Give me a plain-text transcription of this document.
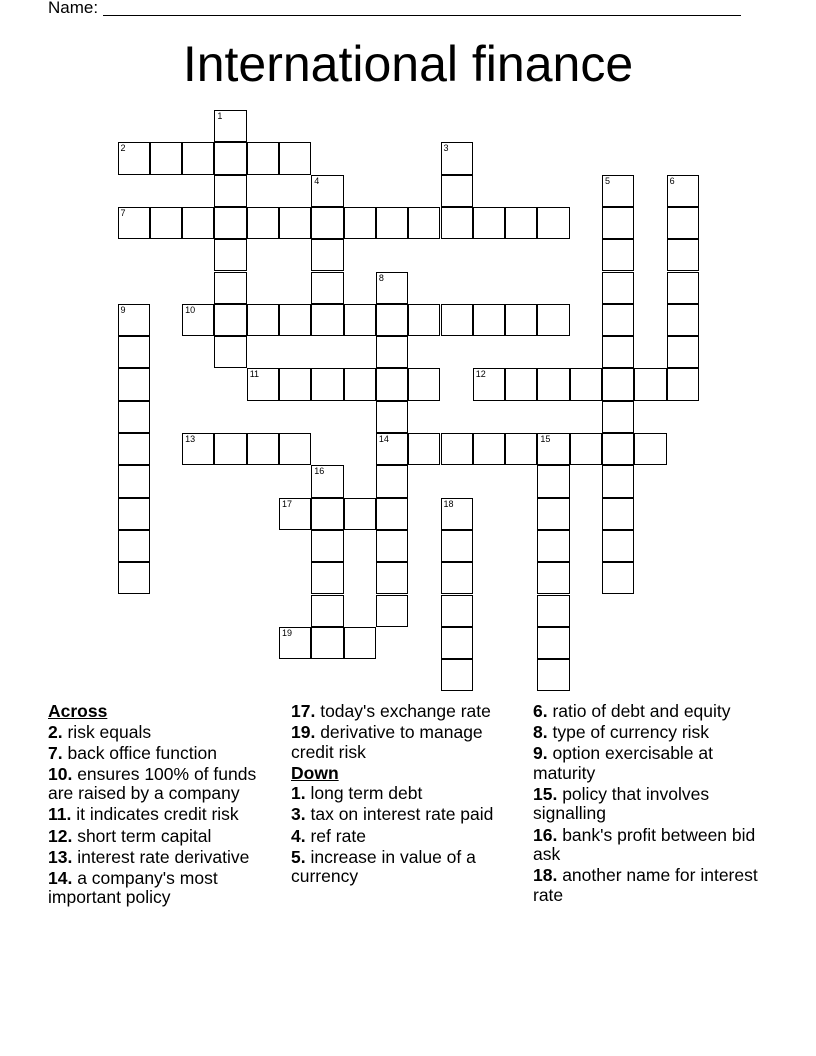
Name:
International finance
1
2	3
4	5	6
7
8
14
9	10
11	12
13	15
16
17	18
19
Across
2. risk equals
7. back office function
10. ensures 100% of funds are raised by a company
11. it indicates credit risk
12. short term capital
13. interest rate derivative
14. a company's most important policy
17. today's exchange rate
19. derivative to manage credit risk
Down
1. long term debt
3. tax on interest rate paid
4. ref rate
5. increase in value of a currency
6. ratio of debt and equity
8. type of currency risk
9. option exercisable at maturity
15. policy that involves signalling
16. bank's profit between bid ask
18. another name for interest rate
